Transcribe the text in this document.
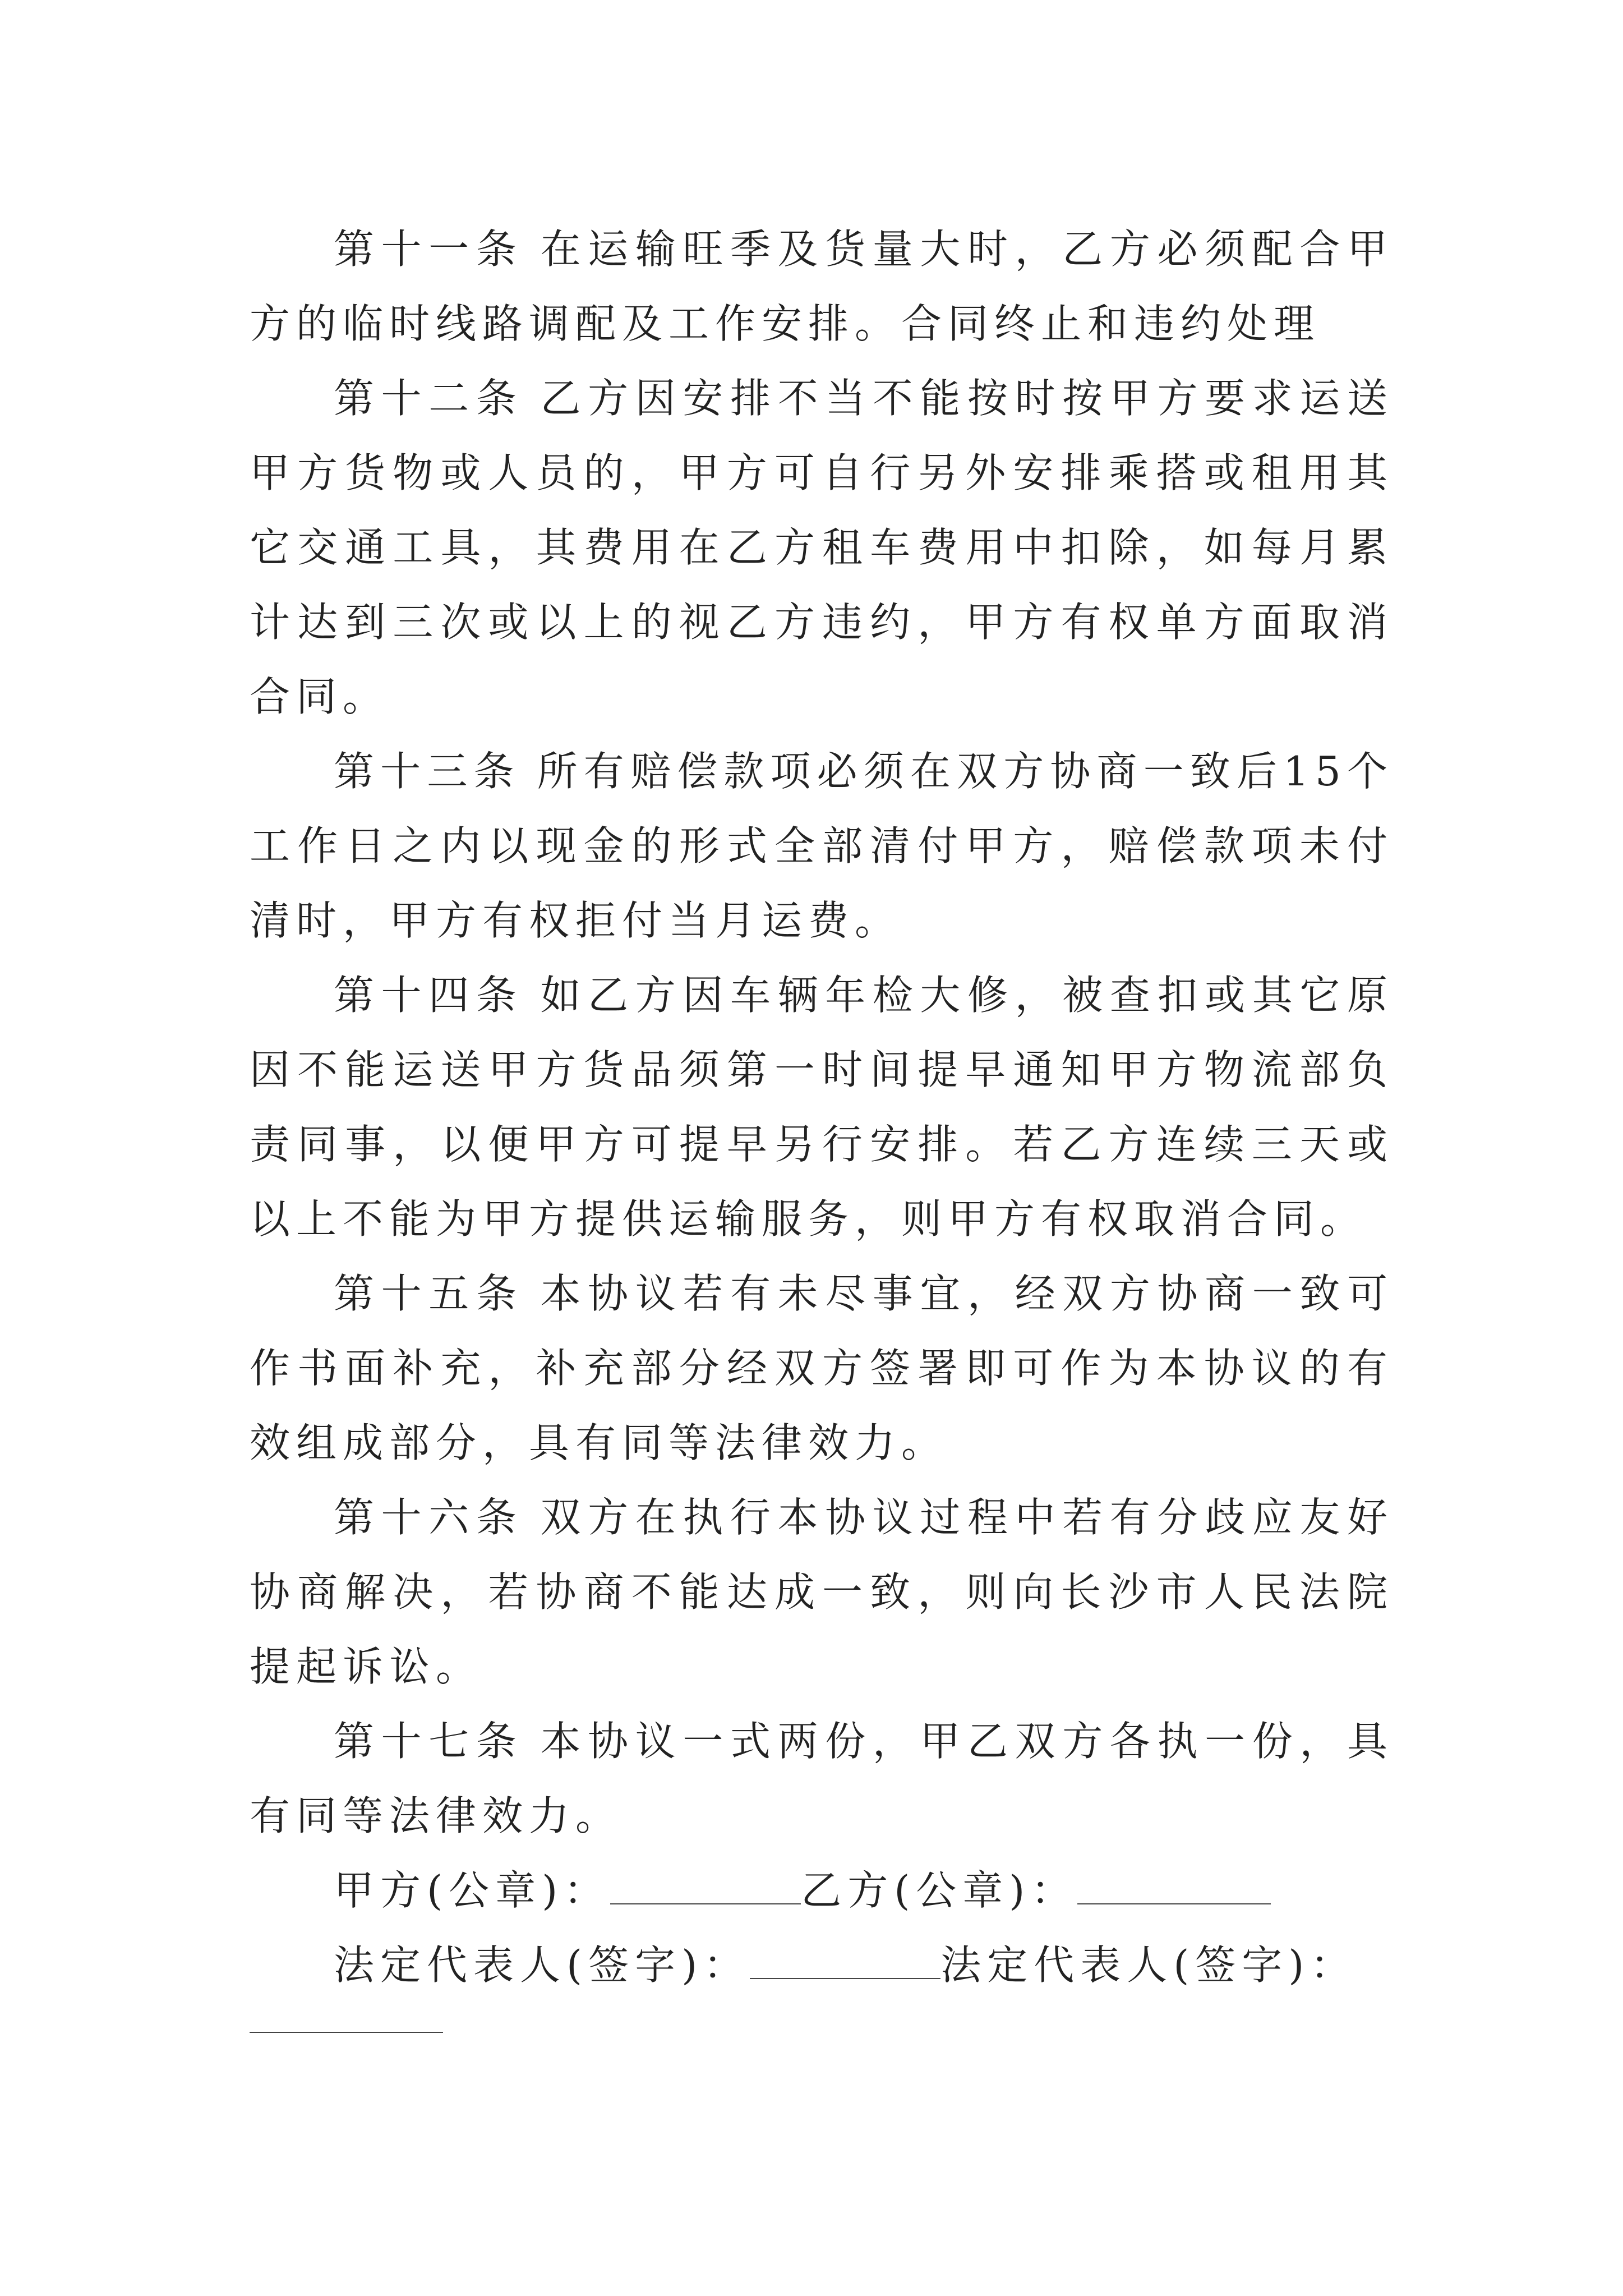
第十一条 在运输旺季及货量大时，乙方必须配合甲方的临时线路调配及工作安排。合同终止和违约处理

第十二条 乙方因安排不当不能按时按甲方要求运送甲方货物或人员的，甲方可自行另外安排乘搭或租用其它交通工具，其费用在乙方租车费用中扣除，如每月累计达到三次或以上的视乙方违约，甲方有权单方面取消合同。

第十三条 所有赔偿款项必须在双方协商一致后15个工作日之内以现金的形式全部清付甲方，赔偿款项未付清时，甲方有权拒付当月运费。

第十四条 如乙方因车辆年检大修，被查扣或其它原因不能运送甲方货品须第一时间提早通知甲方物流部负责同事，以便甲方可提早另行安排。若乙方连续三天或以上不能为甲方提供运输服务，则甲方有权取消合同。

第十五条 本协议若有未尽事宜，经双方协商一致可作书面补充，补充部分经双方签署即可作为本协议的有效组成部分，具有同等法律效力。

第十六条 双方在执行本协议过程中若有分歧应友好协商解决，若协商不能达成一致，则向长沙市人民法院提起诉讼。

第十七条 本协议一式两份，甲乙双方各执一份，具有同等法律效力。

甲方(公章)：	乙方(公章)：

法定代表人(签字)：	法定代表人(签字)：
